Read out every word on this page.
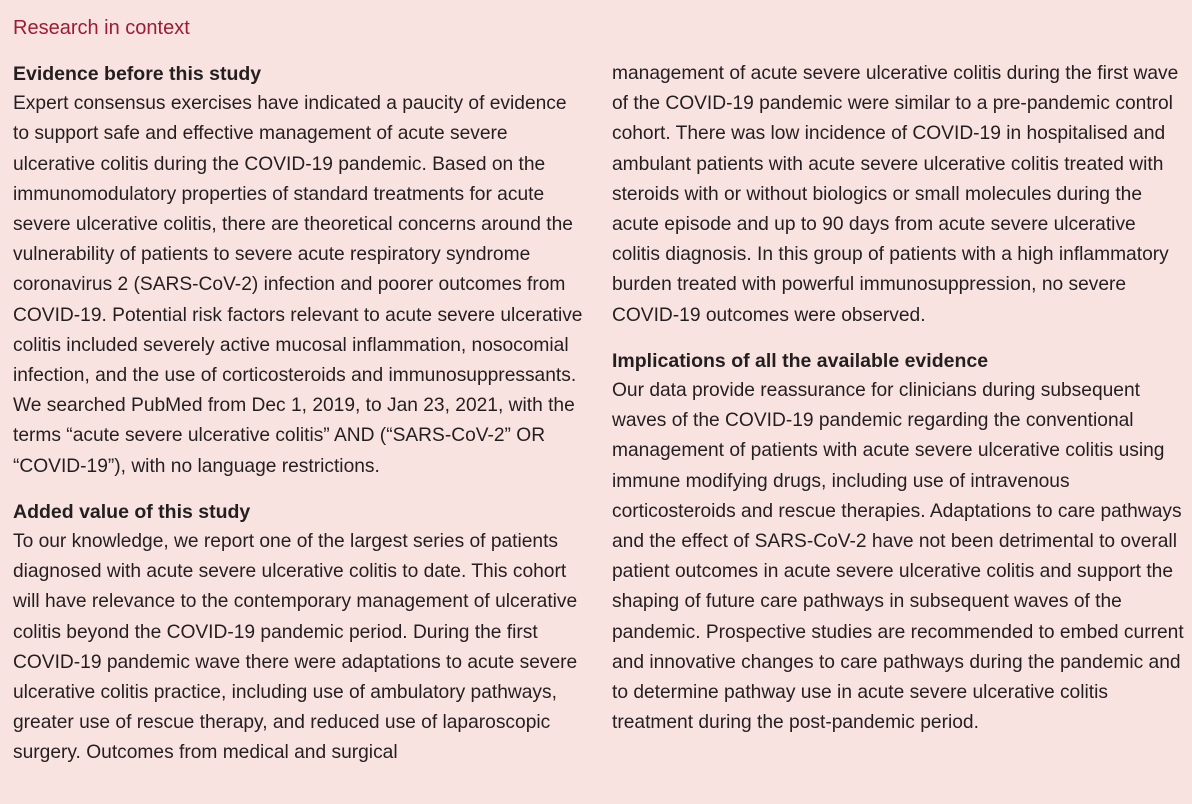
Research in context
Evidence before this study

Expert consensus exercises have indicated a paucity of evidence to support safe and effective management of acute severe ulcerative colitis during the COVID-19 pandemic. Based on the immunomodulatory properties of standard treatments for acute severe ulcerative colitis, there are theoretical concerns around the vulnerability of patients to severe acute respiratory syndrome coronavirus 2 (SARS-CoV-2) infection and poorer outcomes from COVID-19. Potential risk factors relevant to acute severe ulcerative colitis included severely active mucosal inflammation, nosocomial infection, and the use of corticosteroids and immunosuppressants. We searched PubMed from Dec 1, 2019, to Jan 23, 2021, with the terms “acute severe ulcerative colitis” AND (“SARS-CoV-2” OR “COVID-19”), with no language restrictions.

Added value of this study

To our knowledge, we report one of the largest series of patients diagnosed with acute severe ulcerative colitis to date. This cohort will have relevance to the contemporary management of ulcerative colitis beyond the COVID-19 pandemic period. During the first COVID-19 pandemic wave there were adaptations to acute severe ulcerative colitis practice, including use of ambulatory pathways, greater use of rescue therapy, and reduced use of laparoscopic surgery. Outcomes from medical and surgical

management of acute severe ulcerative colitis during the first wave of the COVID-19 pandemic were similar to a pre-pandemic control cohort. There was low incidence of COVID-19 in hospitalised and ambulant patients with acute severe ulcerative colitis treated with steroids with or without biologics or small molecules during the acute episode and up to 90 days from acute severe ulcerative colitis diagnosis. In this group of patients with a high inflammatory burden treated with powerful immunosuppression, no severe COVID-19 outcomes were observed.

Implications of all the available evidence

Our data provide reassurance for clinicians during subsequent waves of the COVID-19 pandemic regarding the conventional management of patients with acute severe ulcerative colitis using immune modifying drugs, including use of intravenous corticosteroids and rescue therapies. Adaptations to care pathways and the effect of SARS-CoV-2 have not been detrimental to overall patient outcomes in acute severe ulcerative colitis and support the shaping of future care pathways in subsequent waves of the pandemic. Prospective studies are recommended to embed current and innovative changes to care pathways during the pandemic and to determine pathway use in acute severe ulcerative colitis treatment during the post-pandemic period.
